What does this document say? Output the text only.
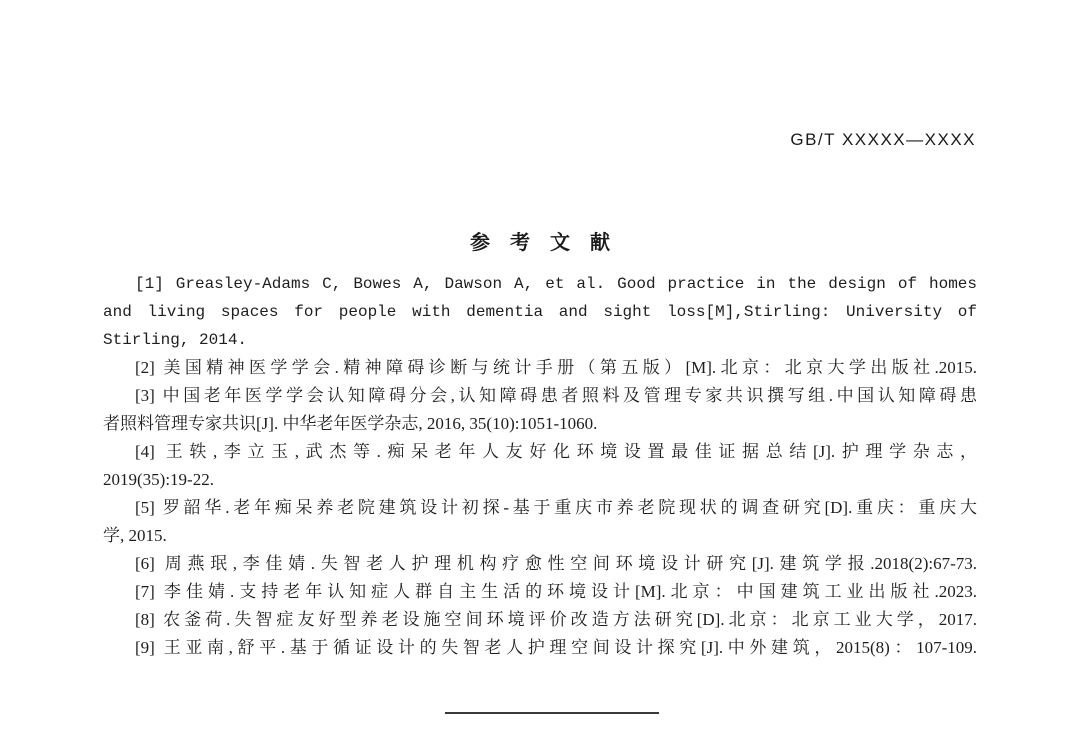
GB/T XXXXX—XXXX
参　考　文　献
[1] Greasley-Adams C, Bowes A, Dawson A, et al. Good practice in the design of homes
and living spaces for people with dementia and sight loss[M],Stirling: University of
Stirling, 2014.
[2] 美国精神医学学会.精神障碍诊断与统计手册（第五版）[M].北京：北京大学出版社.2015.
[3] 中国老年医学学会认知障碍分会,认知障碍患者照料及管理专家共识撰写组.中国认知障碍患
者照料管理专家共识[J]. 中华老年医学杂志, 2016, 35(10):1051-1060.
[4] 王轶,李立玉,武杰等.痴呆老年人友好化环境设置最佳证据总结[J].护理学杂志，
2019(35):19-22.
[5] 罗韶华.老年痴呆养老院建筑设计初探-基于重庆市养老院现状的调查研究[D].重庆：重庆大
学, 2015.
[6] 周燕珉,李佳婧.失智老人护理机构疗愈性空间环境设计研究[J].建筑学报.2018(2):67-73.
[7] 李佳婧.支持老年认知症人群自主生活的环境设计[M].北京：中国建筑工业出版社.2023.
[8] 农釜荷.失智症友好型养老设施空间环境评价改造方法研究[D].北京：北京工业大学，2017.
[9] 王亚南,舒平.基于循证设计的失智老人护理空间设计探究[J].中外建筑，2015(8)：107-109.
